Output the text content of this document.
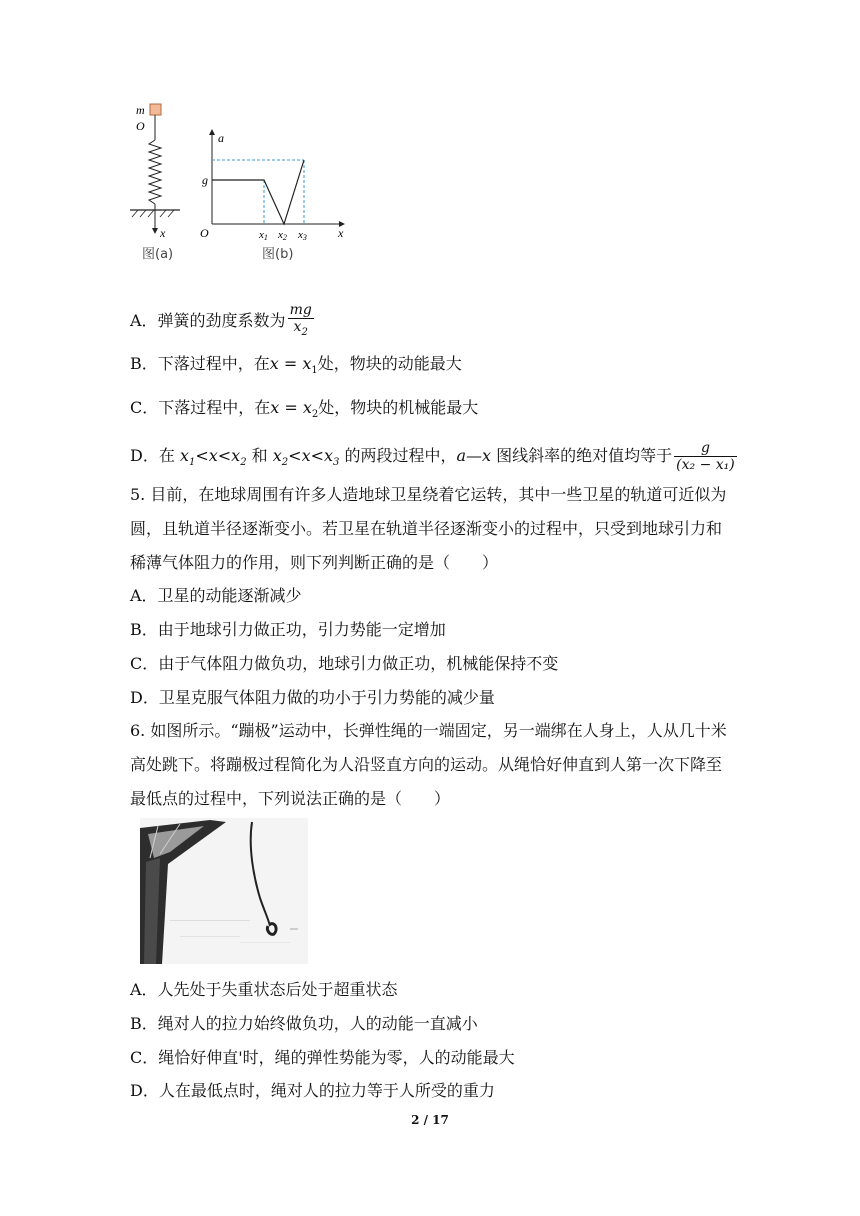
m
O
x
图(a)
a
g
O	x
x1 x2 x3
图(b)
A．弹簧的劲度系数为 $\frac{mg}{x_2}$
B．下落过程中，在$x = x_1$处，物块的动能最大
C．下落过程中，在$x = x_2$处，物块的机械能最大
D．在 $x_1<x<x_2$ 和 $x_2<x<x_3$ 的两段过程中，a—x 图线斜率的绝对值均等于 $\frac{g}{\text{(x₂ − x₁)}}$
5. 目前，在地球周围有许多人造地球卫星绕着它运转，其中一些卫星的轨道可近似为圆，且轨道半径逐渐变小。若卫星在轨道半径逐渐变小的过程中，只受到地球引力和稀薄气体阻力的作用，则下列判断正确的是（　　）
A．卫星的动能逐渐减少
B．由于地球引力做正功，引力势能一定增加
C．由于气体阻力做负功，地球引力做正功，机械能保持不变
D．卫星克服气体阻力做的功小于引力势能的减少量
6. 如图所示。“蹦极”运动中，长弹性绳的一端固定，另一端绑在人身上，人从几十米高处跳下。将蹦极过程简化为人沿竖直方向的运动。从绳恰好伸直到人第一次下降至最低点的过程中，下列说法正确的是（　　）
A．人先处于失重状态后处于超重状态
B．绳对人的拉力始终做负功，人的动能一直减小
C．绳恰好伸直'时，绳的弹性势能为零，人的动能最大
D．人在最低点时，绳对人的拉力等于人所受的重力
2 / 17
